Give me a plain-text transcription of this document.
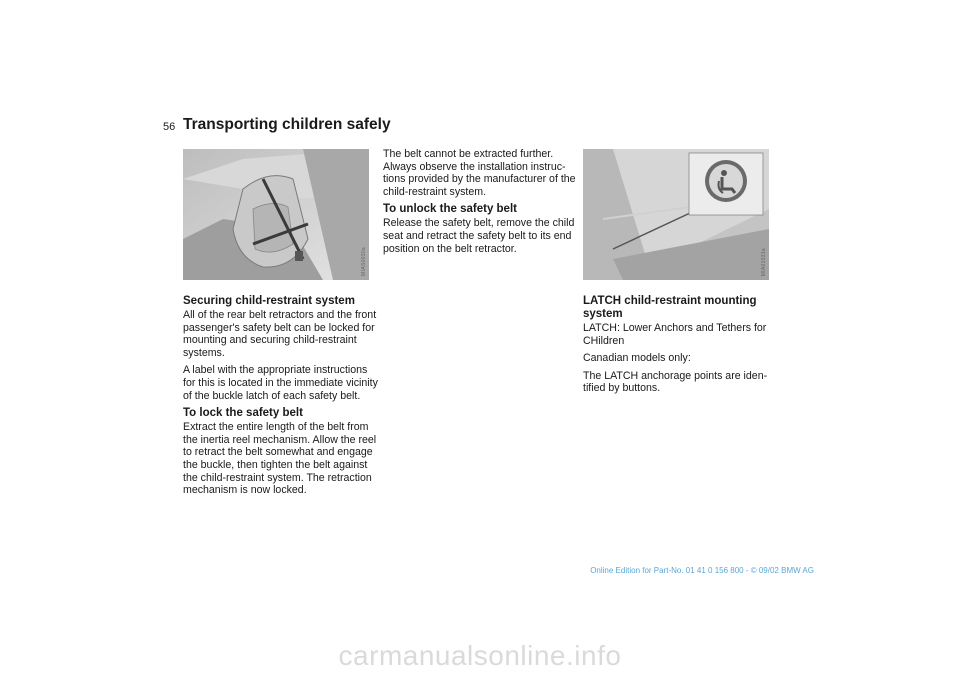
56 Transporting children safely
MIAS0030a	MIA01031a
Securing child-restraint system

All of the rear belt retractors and the front passenger's safety belt can be locked for mounting and securing child-restraint systems.

A label with the appropriate instructions for this is located in the immediate vicinity of the buckle latch of each safety belt.

To lock the safety belt

Extract the entire length of the belt from the inertia reel mechanism. Allow the reel to retract the belt somewhat and engage the buckle, then tighten the belt against the child-restraint system. The retraction mechanism is now locked.

The belt cannot be extracted further. Always observe the installation instruc-tions provided by the manufacturer of the child-restraint system.

To unlock the safety belt

Release the safety belt, remove the child seat and retract the safety belt to its end position on the belt retractor.

LATCH child-restraint mounting system

LATCH: Lower Anchors and Tethers for CHildren

Canadian models only:

The LATCH anchorage points are iden-tified by buttons.

Online Edition for Part-No. 01 41 0 156 800 - © 09/02 BMW AG
carmanualsonline.info
